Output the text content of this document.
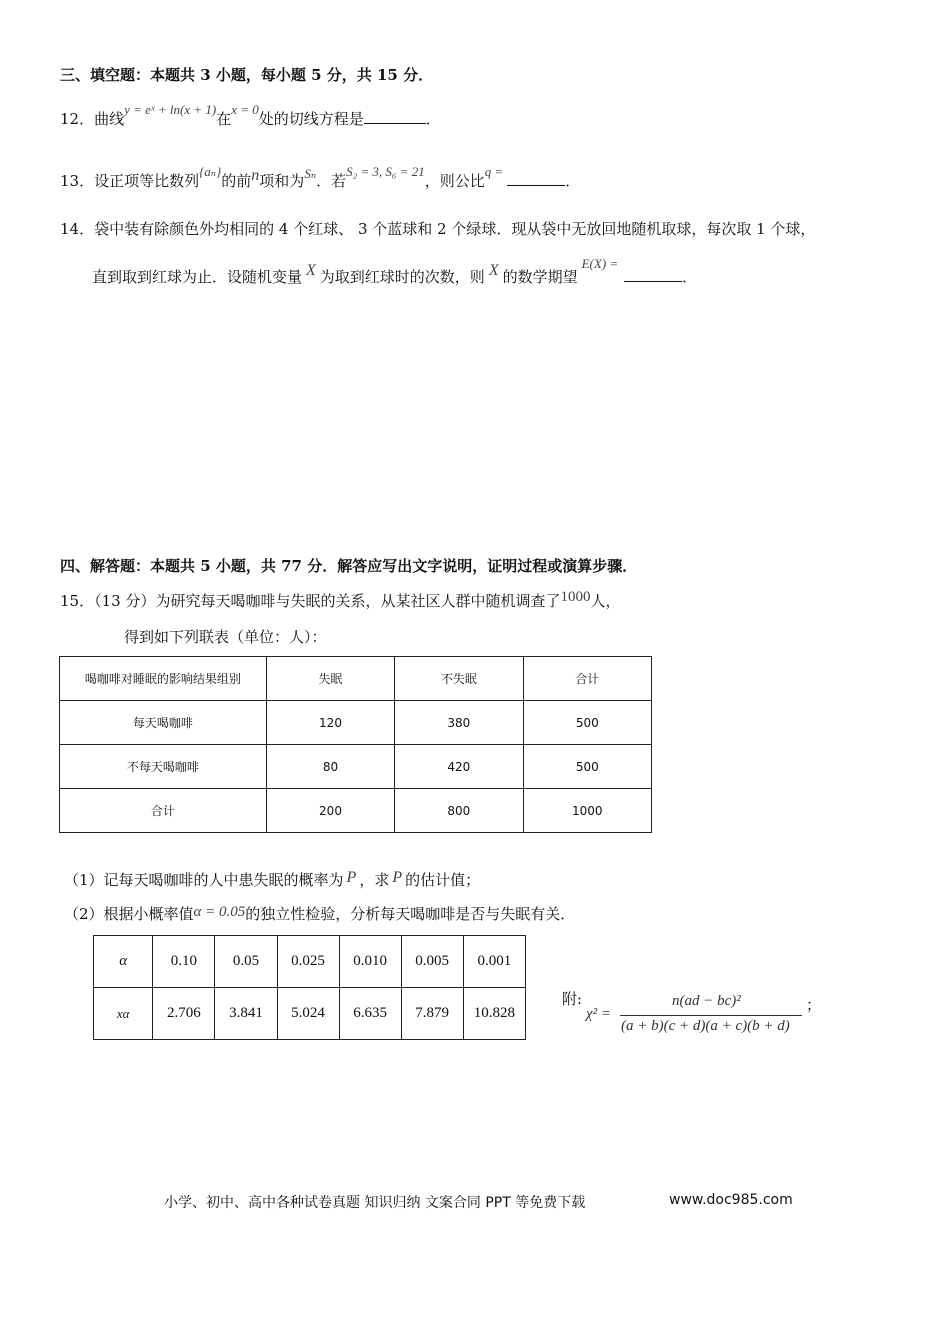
三、填空题：本题共 3 小题，每小题 5 分，共 15 分．
12．曲线y = eˣ + ln(x + 1)在x = 0处的切线方程是	．
13．设正项等比数列{aₙ}的前n项和为Sₙ．若S₂ = 3, S₆ = 21，则公比q =．
14．袋中装有除颜色外均相同的 4 个红球、 3 个蓝球和 2 个绿球．现从袋中无放回地随机取球，每次取 1 个球，
直到取到红球为止．设随机变量 X 为取到红球时的次数，则 X 的数学期望E(X) =．
四、解答题：本题共 5 小题，共 77 分．解答应写出文字说明，证明过程或演算步骤．
15．（13 分）为研究每天喝咖啡与失眠的关系，从某社区人群中随机调查了1000人，
得到如下列联表（单位：人）：
喝咖啡对睡眠的影响结果组别	失眠	不失眠	合计
每天喝咖啡	120	380	500
不每天喝咖啡	80	420	500
合计	200	800	1000
（1）记每天喝咖啡的人中患失眠的概率为 P ，求 P 的估计值；
（2）根据小概率值α = 0.05的独立性检验，分析每天喝咖啡是否与失眠有关．
α	0.10	0.05	0.025	0.010	0.005	0.001
xα	2.706	3.841	5.024	6.635	7.879	10.828
附:
χ² =
n(ad − bc)²
(a + b)(c + d)(a + c)(b + d)
；
小学、初中、高中各种试卷真题 知识归纳 文案合同 PPT 等免费下载	www.doc985.com
